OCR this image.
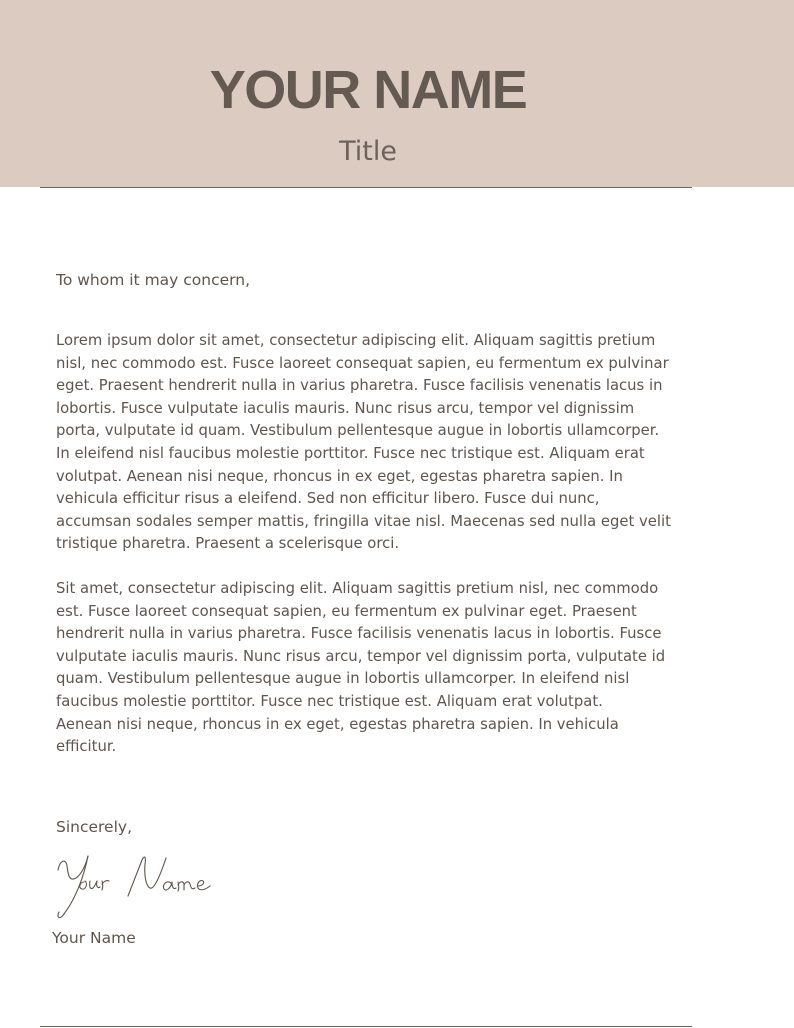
YOUR NAME
Title
To whom it may concern,
Lorem ipsum dolor sit amet, consectetur adipiscing elit. Aliquam sagittis pretium
nisl, nec commodo est. Fusce laoreet consequat sapien, eu fermentum ex pulvinar
eget. Praesent hendrerit nulla in varius pharetra. Fusce facilisis venenatis lacus in
lobortis. Fusce vulputate iaculis mauris. Nunc risus arcu, tempor vel dignissim
porta, vulputate id quam. Vestibulum pellentesque augue in lobortis ullamcorper.
In eleifend nisl faucibus molestie porttitor. Fusce nec tristique est. Aliquam erat
volutpat. Aenean nisi neque, rhoncus in ex eget, egestas pharetra sapien. In
vehicula efficitur risus a eleifend. Sed non efficitur libero. Fusce dui nunc,
accumsan sodales semper mattis, fringilla vitae nisl. Maecenas sed nulla eget velit
tristique pharetra. Praesent a scelerisque orci.
Sit amet, consectetur adipiscing elit. Aliquam sagittis pretium nisl, nec commodo
est. Fusce laoreet consequat sapien, eu fermentum ex pulvinar eget. Praesent
hendrerit nulla in varius pharetra. Fusce facilisis venenatis lacus in lobortis. Fusce
vulputate iaculis mauris. Nunc risus arcu, tempor vel dignissim porta, vulputate id
quam. Vestibulum pellentesque augue in lobortis ullamcorper. In eleifend nisl
faucibus molestie porttitor. Fusce nec tristique est. Aliquam erat volutpat.
Aenean nisi neque, rhoncus in ex eget, egestas pharetra sapien. In vehicula
efficitur.
Sincerely,
Your Name
